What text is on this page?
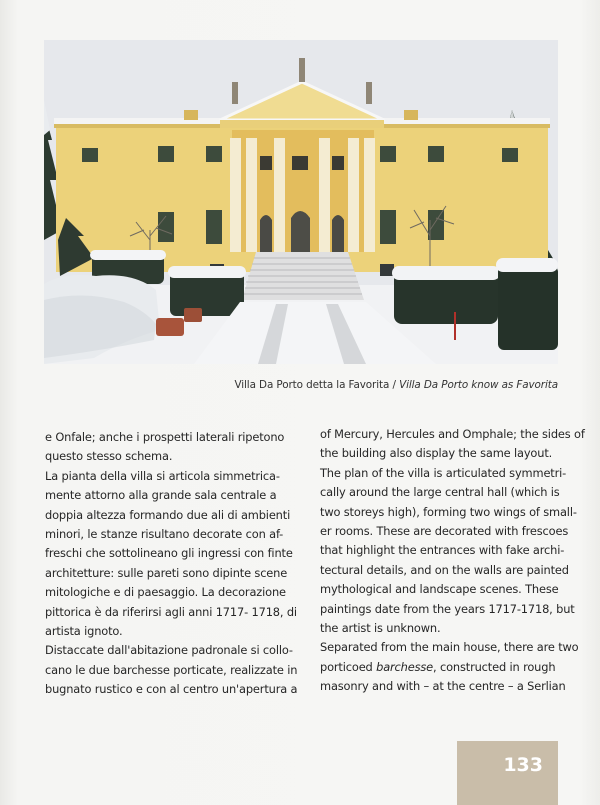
Villa Da Porto detta la Favorita / Villa Da Porto know as Favorita
e Onfale; anche i prospetti laterali ripetono
questo stesso schema.
La pianta della villa si articola simmetrica-
mente attorno alla grande sala centrale a
doppia altezza formando due ali di ambienti
minori, le stanze risultano decorate con af-
freschi che sottolineano gli ingressi con finte
architetture: sulle pareti sono dipinte scene
mitologiche e di paesaggio. La decorazione
pittorica è da riferirsi agli anni 1717- 1718, di
artista ignoto.
Distaccate dall'abitazione padronale si collo-
cano le due barchesse porticate, realizzate in
bugnato rustico e con al centro un'apertura a
of Mercury, Hercules and Omphale; the sides of
the building also display the same layout.
The plan of the villa is articulated symmetri-
cally around the large central hall (which is
two storeys high), forming two wings of small-
er rooms. These are decorated with frescoes
that highlight the entrances with fake archi-
tectural details, and on the walls are painted
mythological and landscape scenes. These
paintings date from the years 1717-1718, but
the artist is unknown.
Separated from the main house, there are two
porticoed barchesse, constructed in rough
masonry and with – at the centre – a Serlian
133
